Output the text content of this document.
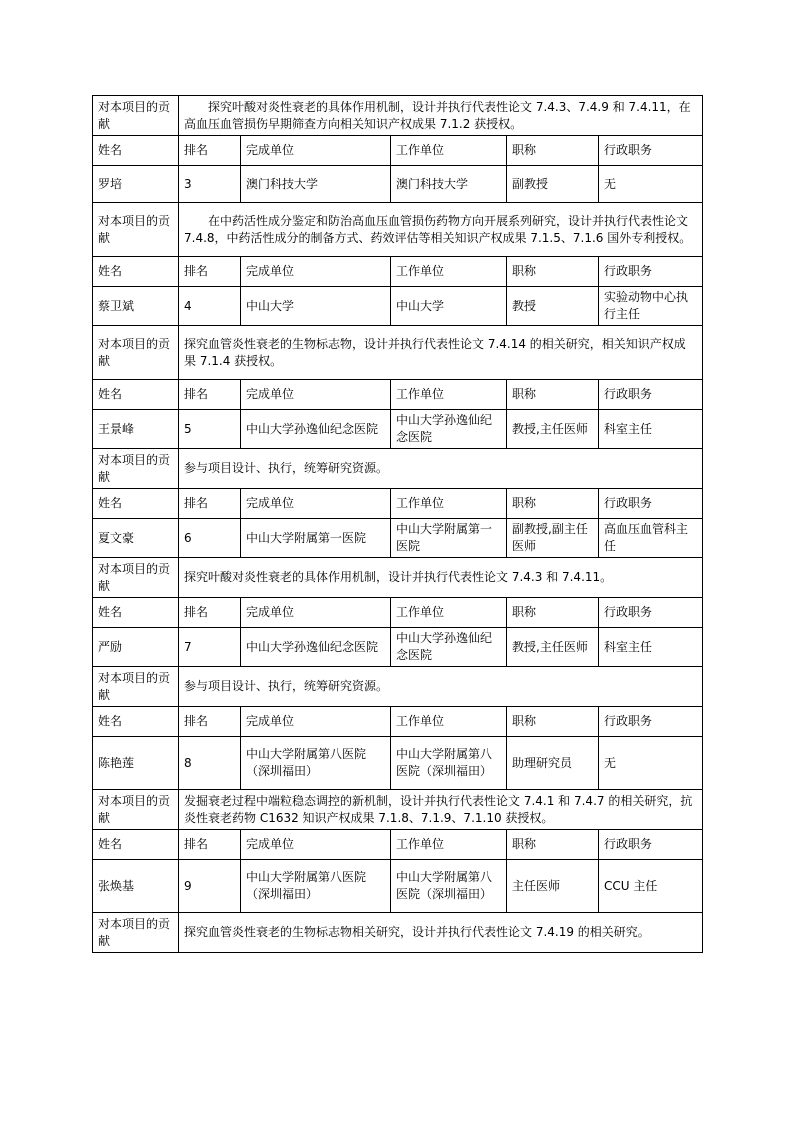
对本项目的贡献	探究叶酸对炎性衰老的具体作用机制，设计并执行代表性论文 7.4.3、7.4.9 和 7.4.11，在高血压血管损伤早期筛查方向相关知识产权成果 7.1.2 获授权。				
姓名	排名	完成单位	工作单位	职称	行政职务
罗培	3	澳门科技大学	澳门科技大学	副教授	无
对本项目的贡献	在中药活性成分鉴定和防治高血压血管损伤药物方向开展系列研究，设计并执行代表性论文 7.4.8，中药活性成分的制备方式、药效评估等相关知识产权成果 7.1.5、7.1.6 国外专利授权。				
姓名	排名	完成单位	工作单位	职称	行政职务
蔡卫斌	4	中山大学	中山大学	教授	实验动物中心执行主任
对本项目的贡献	探究血管炎性衰老的生物标志物，设计并执行代表性论文 7.4.14 的相关研究，相关知识产权成果 7.1.4 获授权。				
姓名	排名	完成单位	工作单位	职称	行政职务
王景峰	5	中山大学孙逸仙纪念医院	中山大学孙逸仙纪念医院	教授,主任医师	科室主任
对本项目的贡献	参与项目设计、执行，统筹研究资源。				
姓名	排名	完成单位	工作单位	职称	行政职务
夏文豪	6	中山大学附属第一医院	中山大学附属第一医院	副教授,副主任医师	高血压血管科主任
对本项目的贡献	探究叶酸对炎性衰老的具体作用机制，设计并执行代表性论文 7.4.3 和 7.4.11。				
姓名	排名	完成单位	工作单位	职称	行政职务
严励	7	中山大学孙逸仙纪念医院	中山大学孙逸仙纪念医院	教授,主任医师	科室主任
对本项目的贡献	参与项目设计、执行，统筹研究资源。				
姓名	排名	完成单位	工作单位	职称	行政职务
陈艳莲	8	中山大学附属第八医院（深圳福田）	中山大学附属第八医院（深圳福田）	助理研究员	无
对本项目的贡献	发掘衰老过程中端粒稳态调控的新机制，设计并执行代表性论文 7.4.1 和 7.4.7 的相关研究，抗炎性衰老药物 C1632 知识产权成果 7.1.8、7.1.9、7.1.10 获授权。				
姓名	排名	完成单位	工作单位	职称	行政职务
张焕基	9	中山大学附属第八医院（深圳福田）	中山大学附属第八医院（深圳福田）	主任医师	CCU 主任
对本项目的贡献	探究血管炎性衰老的生物标志物相关研究，设计并执行代表性论文 7.4.19 的相关研究。				
